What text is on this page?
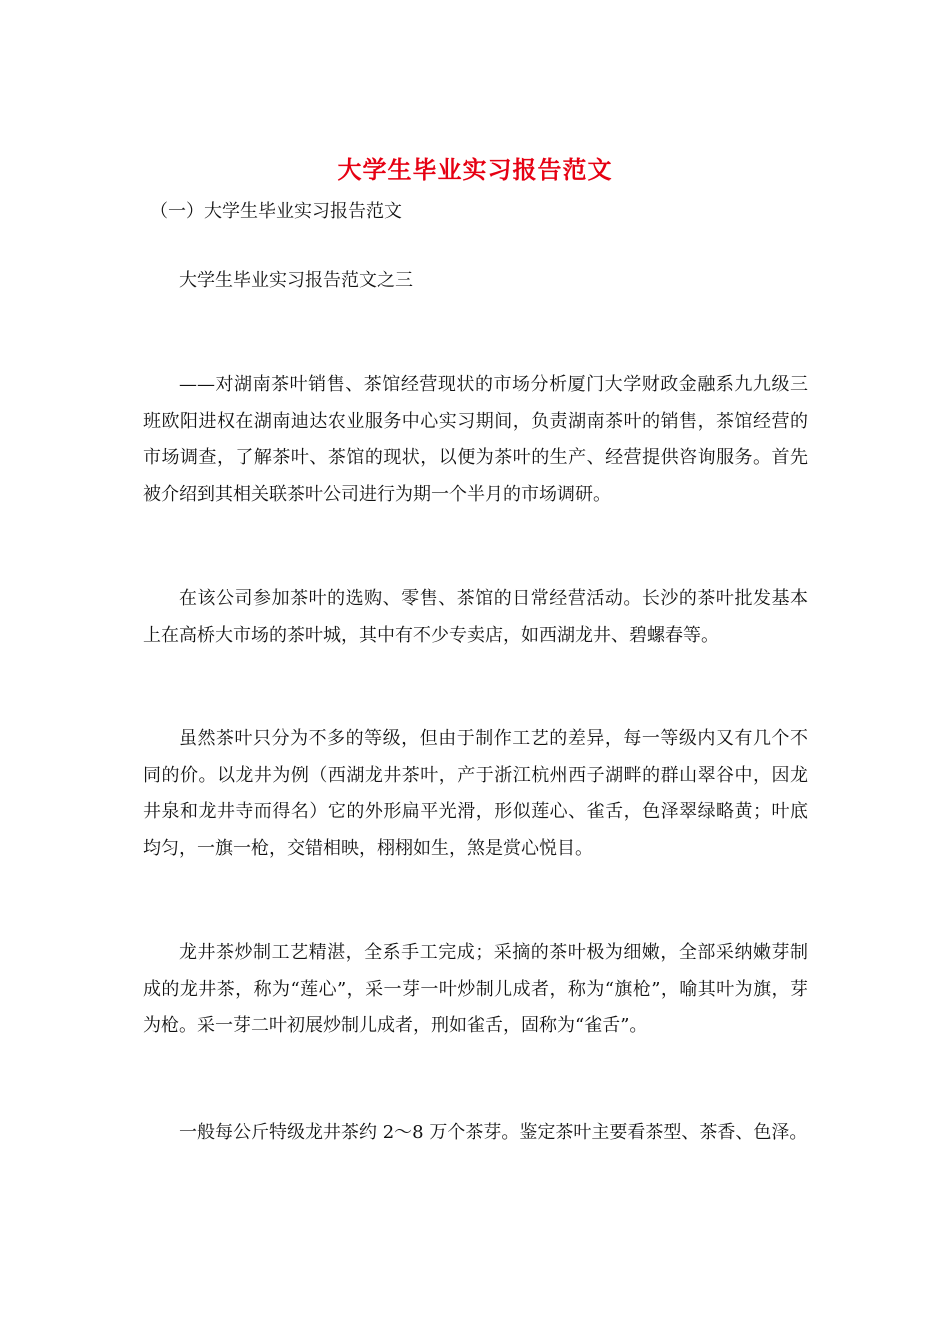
大学生毕业实习报告范文
（一）大学生毕业实习报告范文

大学生毕业实习报告范文之三

——对湖南茶叶销售、茶馆经营现状的市场分析厦门大学财政金融系九九级三班欧阳进权在湖南迪达农业服务中心实习期间，负责湖南茶叶的销售，茶馆经营的市场调查，了解茶叶、茶馆的现状，以便为茶叶的生产、经营提供咨询服务。首先被介绍到其相关联茶叶公司进行为期一个半月的市场调研。

在该公司参加茶叶的选购、零售、茶馆的日常经营活动。长沙的茶叶批发基本上在高桥大市场的茶叶城，其中有不少专卖店，如西湖龙井、碧螺春等。

虽然茶叶只分为不多的等级，但由于制作工艺的差异，每一等级内又有几个不同的价。以龙井为例（西湖龙井茶叶，产于浙江杭州西子湖畔的群山翠谷中，因龙井泉和龙井寺而得名）它的外形扁平光滑，形似莲心、雀舌，色泽翠绿略黄；叶底均匀，一旗一枪，交错相映，栩栩如生，煞是赏心悦目。

龙井茶炒制工艺精湛，全系手工完成；采摘的茶叶极为细嫩，全部采纳嫩芽制成的龙井茶，称为“莲心”，采一芽一叶炒制儿成者，称为“旗枪”，喻其叶为旗，芽为枪。采一芽二叶初展炒制儿成者，刑如雀舌，固称为“雀舌”。

一般每公斤特级龙井茶约 2～8 万个茶芽。鉴定茶叶主要看茶型、茶香、色泽。
